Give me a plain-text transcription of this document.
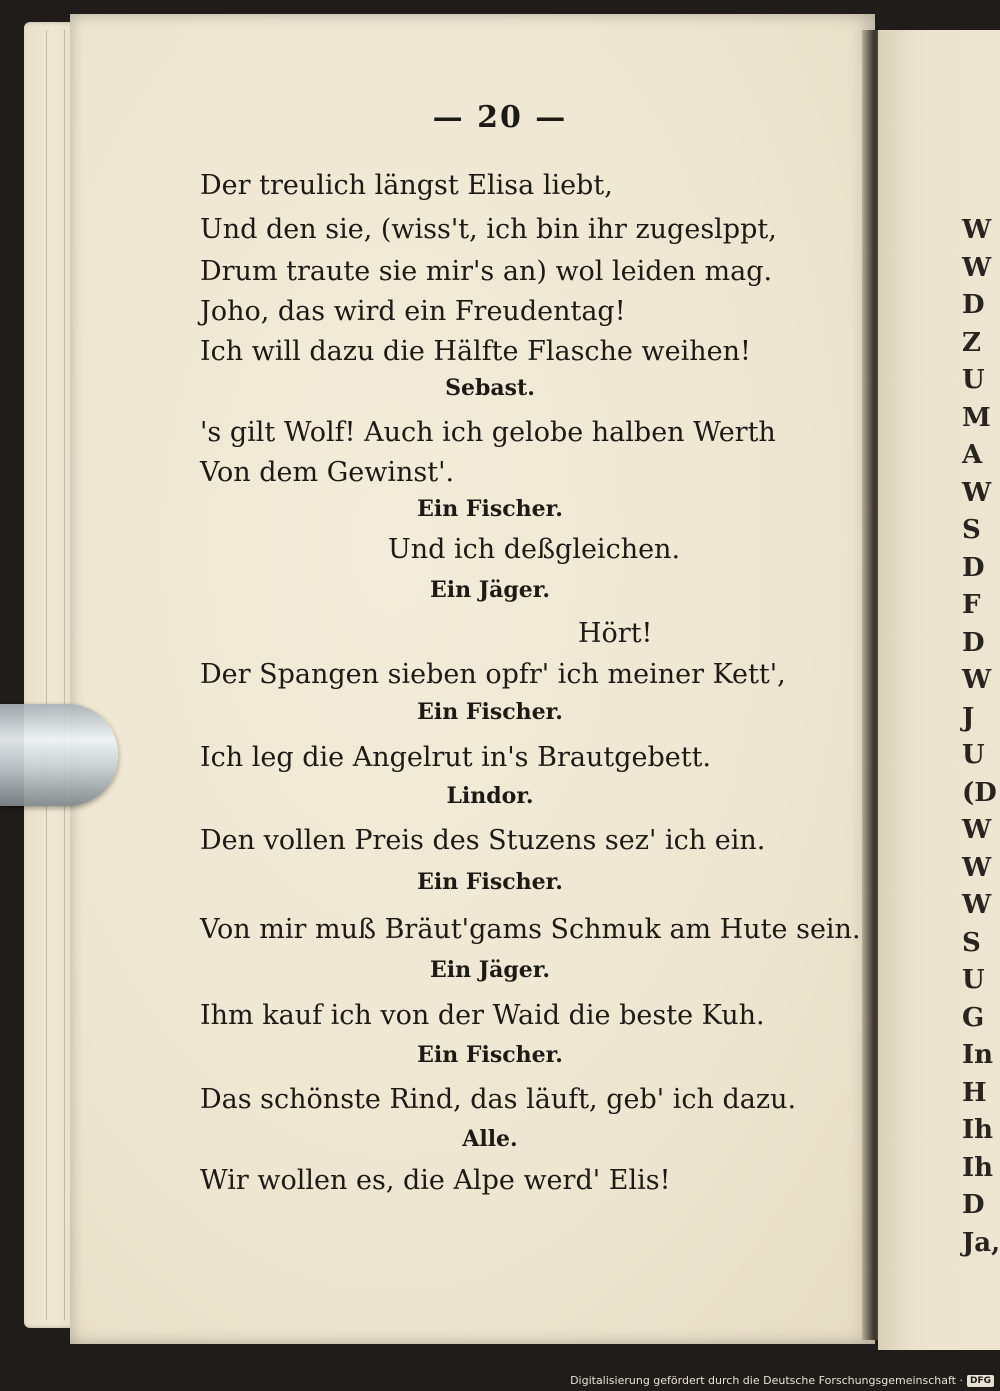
W
W
D
Z
U
M
A
W
S
D
F
D
W
J
U
(D
W
W
W
S
U
G
In
H
Ih
Ih
D
Ja,
— 20 —
Der treulich längst Elisa liebt,
Und den sie, (wiss't, ich bin ihr zugeslppt,
Drum traute sie mir's an) wol leiden mag.
Joho, das wird ein Freudentag!
Ich will dazu die Hälfte Flasche weihen!
Sebast.
's gilt Wolf! Auch ich gelobe halben Werth
Von dem Gewinst'.
Ein Fischer.
Und ich deßgleichen.
Ein Jäger.
Hört!
Der Spangen sieben opfr' ich meiner Kett',
Ein Fischer.
Ich leg die Angelrut in's Brautgebett.
Lindor.
Den vollen Preis des Stuzens sez' ich ein.
Ein Fischer.
Von mir muß Bräut'gams Schmuk am Hute sein.
Ein Jäger.
Ihm kauf ich von der Waid die beste Kuh.
Ein Fischer.
Das schönste Rind, das läuft, geb' ich dazu.
Alle.
Wir wollen es, die Alpe werd' Elis!
Digitalisierung gefördert durch die Deutsche Forschungsgemeinschaft · DFG
